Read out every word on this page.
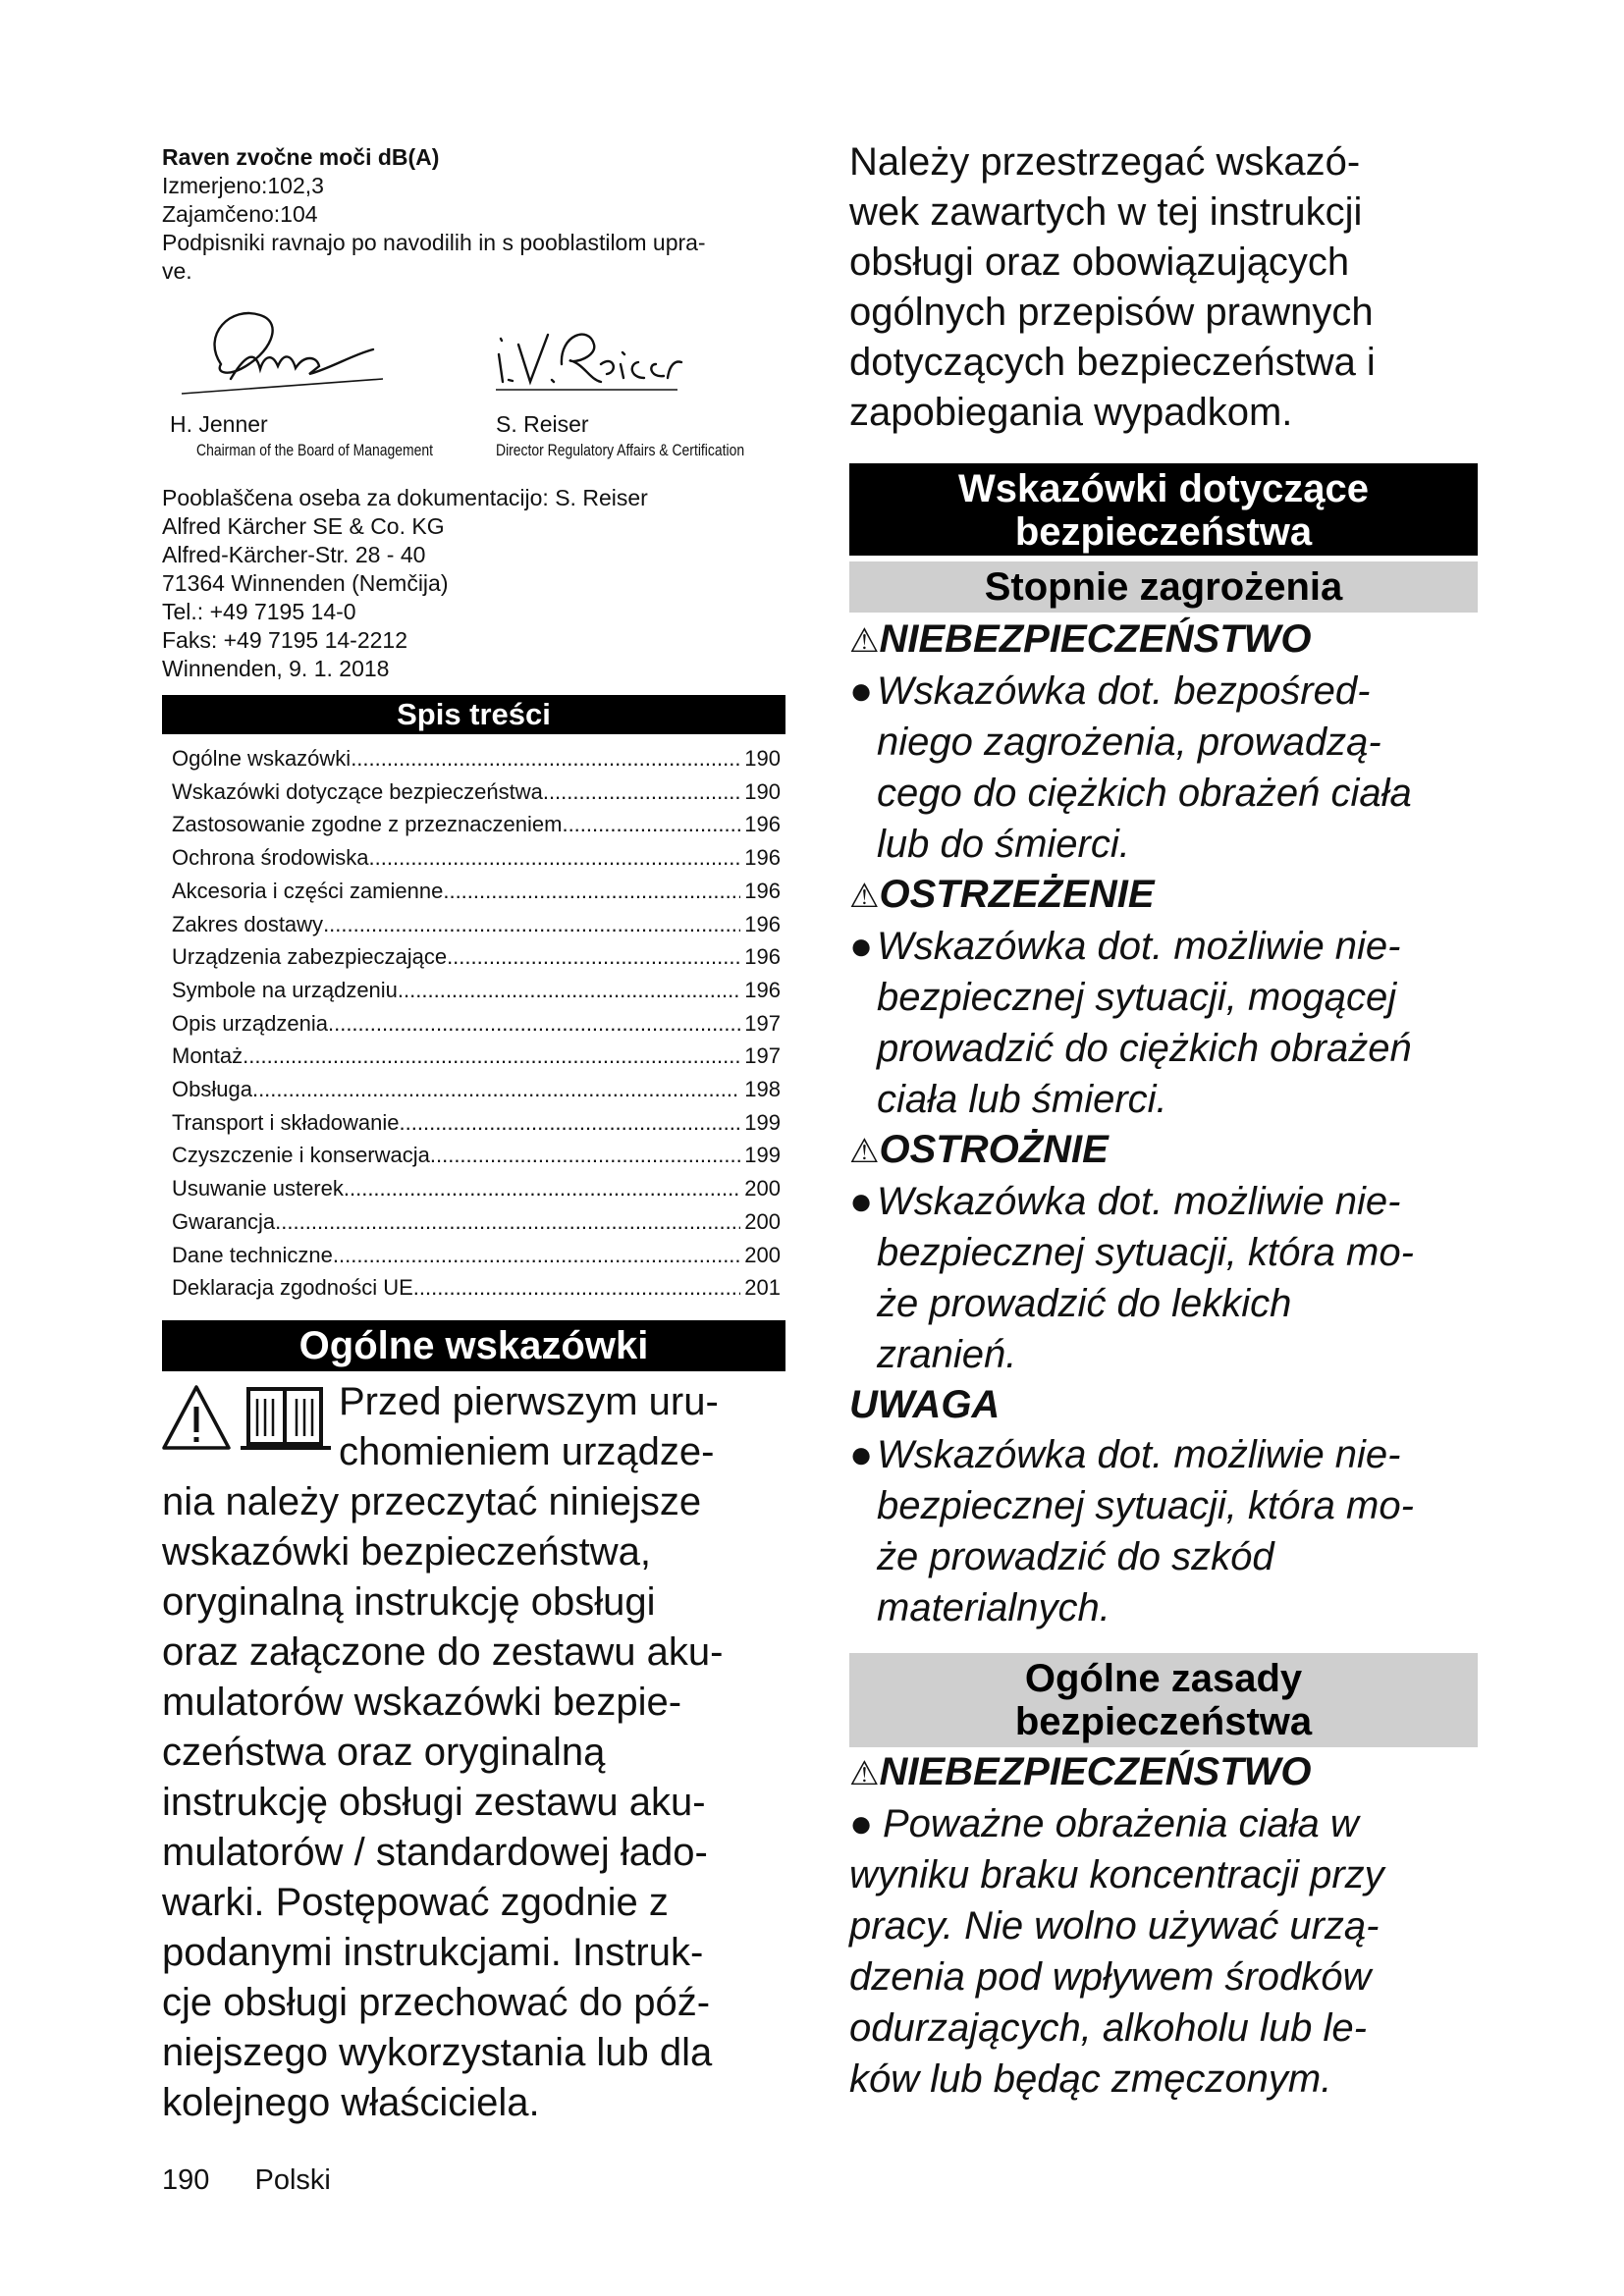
Raven zvočne moči dB(A)

Izmerjeno:102,3

Zajamčeno:104

Podpisniki ravnajo po navodilih in s pooblastilom upra-

ve.

H. Jenner
Chairman of the Board of Management
S. Reiser
Director Regulatory Affairs & Certification

Pooblaščena oseba za dokumentacijo: S. Reiser

Alfred Kärcher SE & Co. KG

Alfred-Kärcher-Str. 28 - 40

71364 Winnenden (Nemčija)

Tel.: +49 7195 14-0

Faks: +49 7195 14-2212

Winnenden, 9. 1. 2018

Spis treści
Ogólne wskazówki .....	190
Wskazówki dotyczące bezpieczeństwa .....	190
Zastosowanie zgodne z przeznaczeniem .....	196
Ochrona środowiska .....	196
Akcesoria i części zamienne .....	196
Zakres dostawy .....	196
Urządzenia zabezpieczające .....	196
Symbole na urządzeniu .....	196
Opis urządzenia .....	197
Montaż .....	197
Obsługa .....	198
Transport i składowanie .....	199
Czyszczenie i konserwacja .....	199
Usuwanie usterek .....	200
Gwarancja .....	200
Dane techniczne .....	200
Deklaracja zgodności UE .....	201
Ogólne wskazówki

Przed pierwszym uru-

chomieniem urządze-

nia należy przeczytać niniejsze

wskazówki bezpieczeństwa,

oryginalną instrukcję obsługi

oraz załączone do zestawu aku-

mulatorów wskazówki bezpie-

czeństwa oraz oryginalną

instrukcję obsługi zestawu aku-

mulatorów / standardowej łado-

warki. Postępować zgodnie z

podanymi instrukcjami. Instruk-

cje obsługi przechować do póź-

niejszego wykorzystania lub dla

kolejnego właściciela.

Należy przestrzegać wskazó-

wek zawartych w tej instrukcji

obsługi oraz obowiązujących

ogólnych przepisów prawnych

dotyczących bezpieczeństwa i

zapobiegania wypadkom.

Wskazówki dotyczące
bezpieczeństwa
Stopnie zagrożenia

⚠NIEBEZPIECZEŃSTWO

●Wskazówka dot. bezpośred-
niego zagrożenia, prowadzą-
cego do ciężkich obrażeń ciała
lub do śmierci.

⚠OSTRZEŻENIE

●Wskazówka dot. możliwie nie-
bezpiecznej sytuacji, mogącej
prowadzić do ciężkich obrażeń
ciała lub śmierci.

⚠OSTROŻNIE

●Wskazówka dot. możliwie nie-
bezpiecznej sytuacji, która mo-
że prowadzić do lekkich
zranień.

UWAGA

●Wskazówka dot. możliwie nie-
bezpiecznej sytuacji, która mo-
że prowadzić do szkód
materialnych.

Ogólne zasady
bezpieczeństwa

⚠NIEBEZPIECZEŃSTWO

● Poważne obrażenia ciała w
wyniku braku koncentracji przy
pracy. Nie wolno używać urzą-
dzenia pod wpływem środków
odurzających, alkoholu lub le-
ków lub będąc zmęczonym.

190 Polski
